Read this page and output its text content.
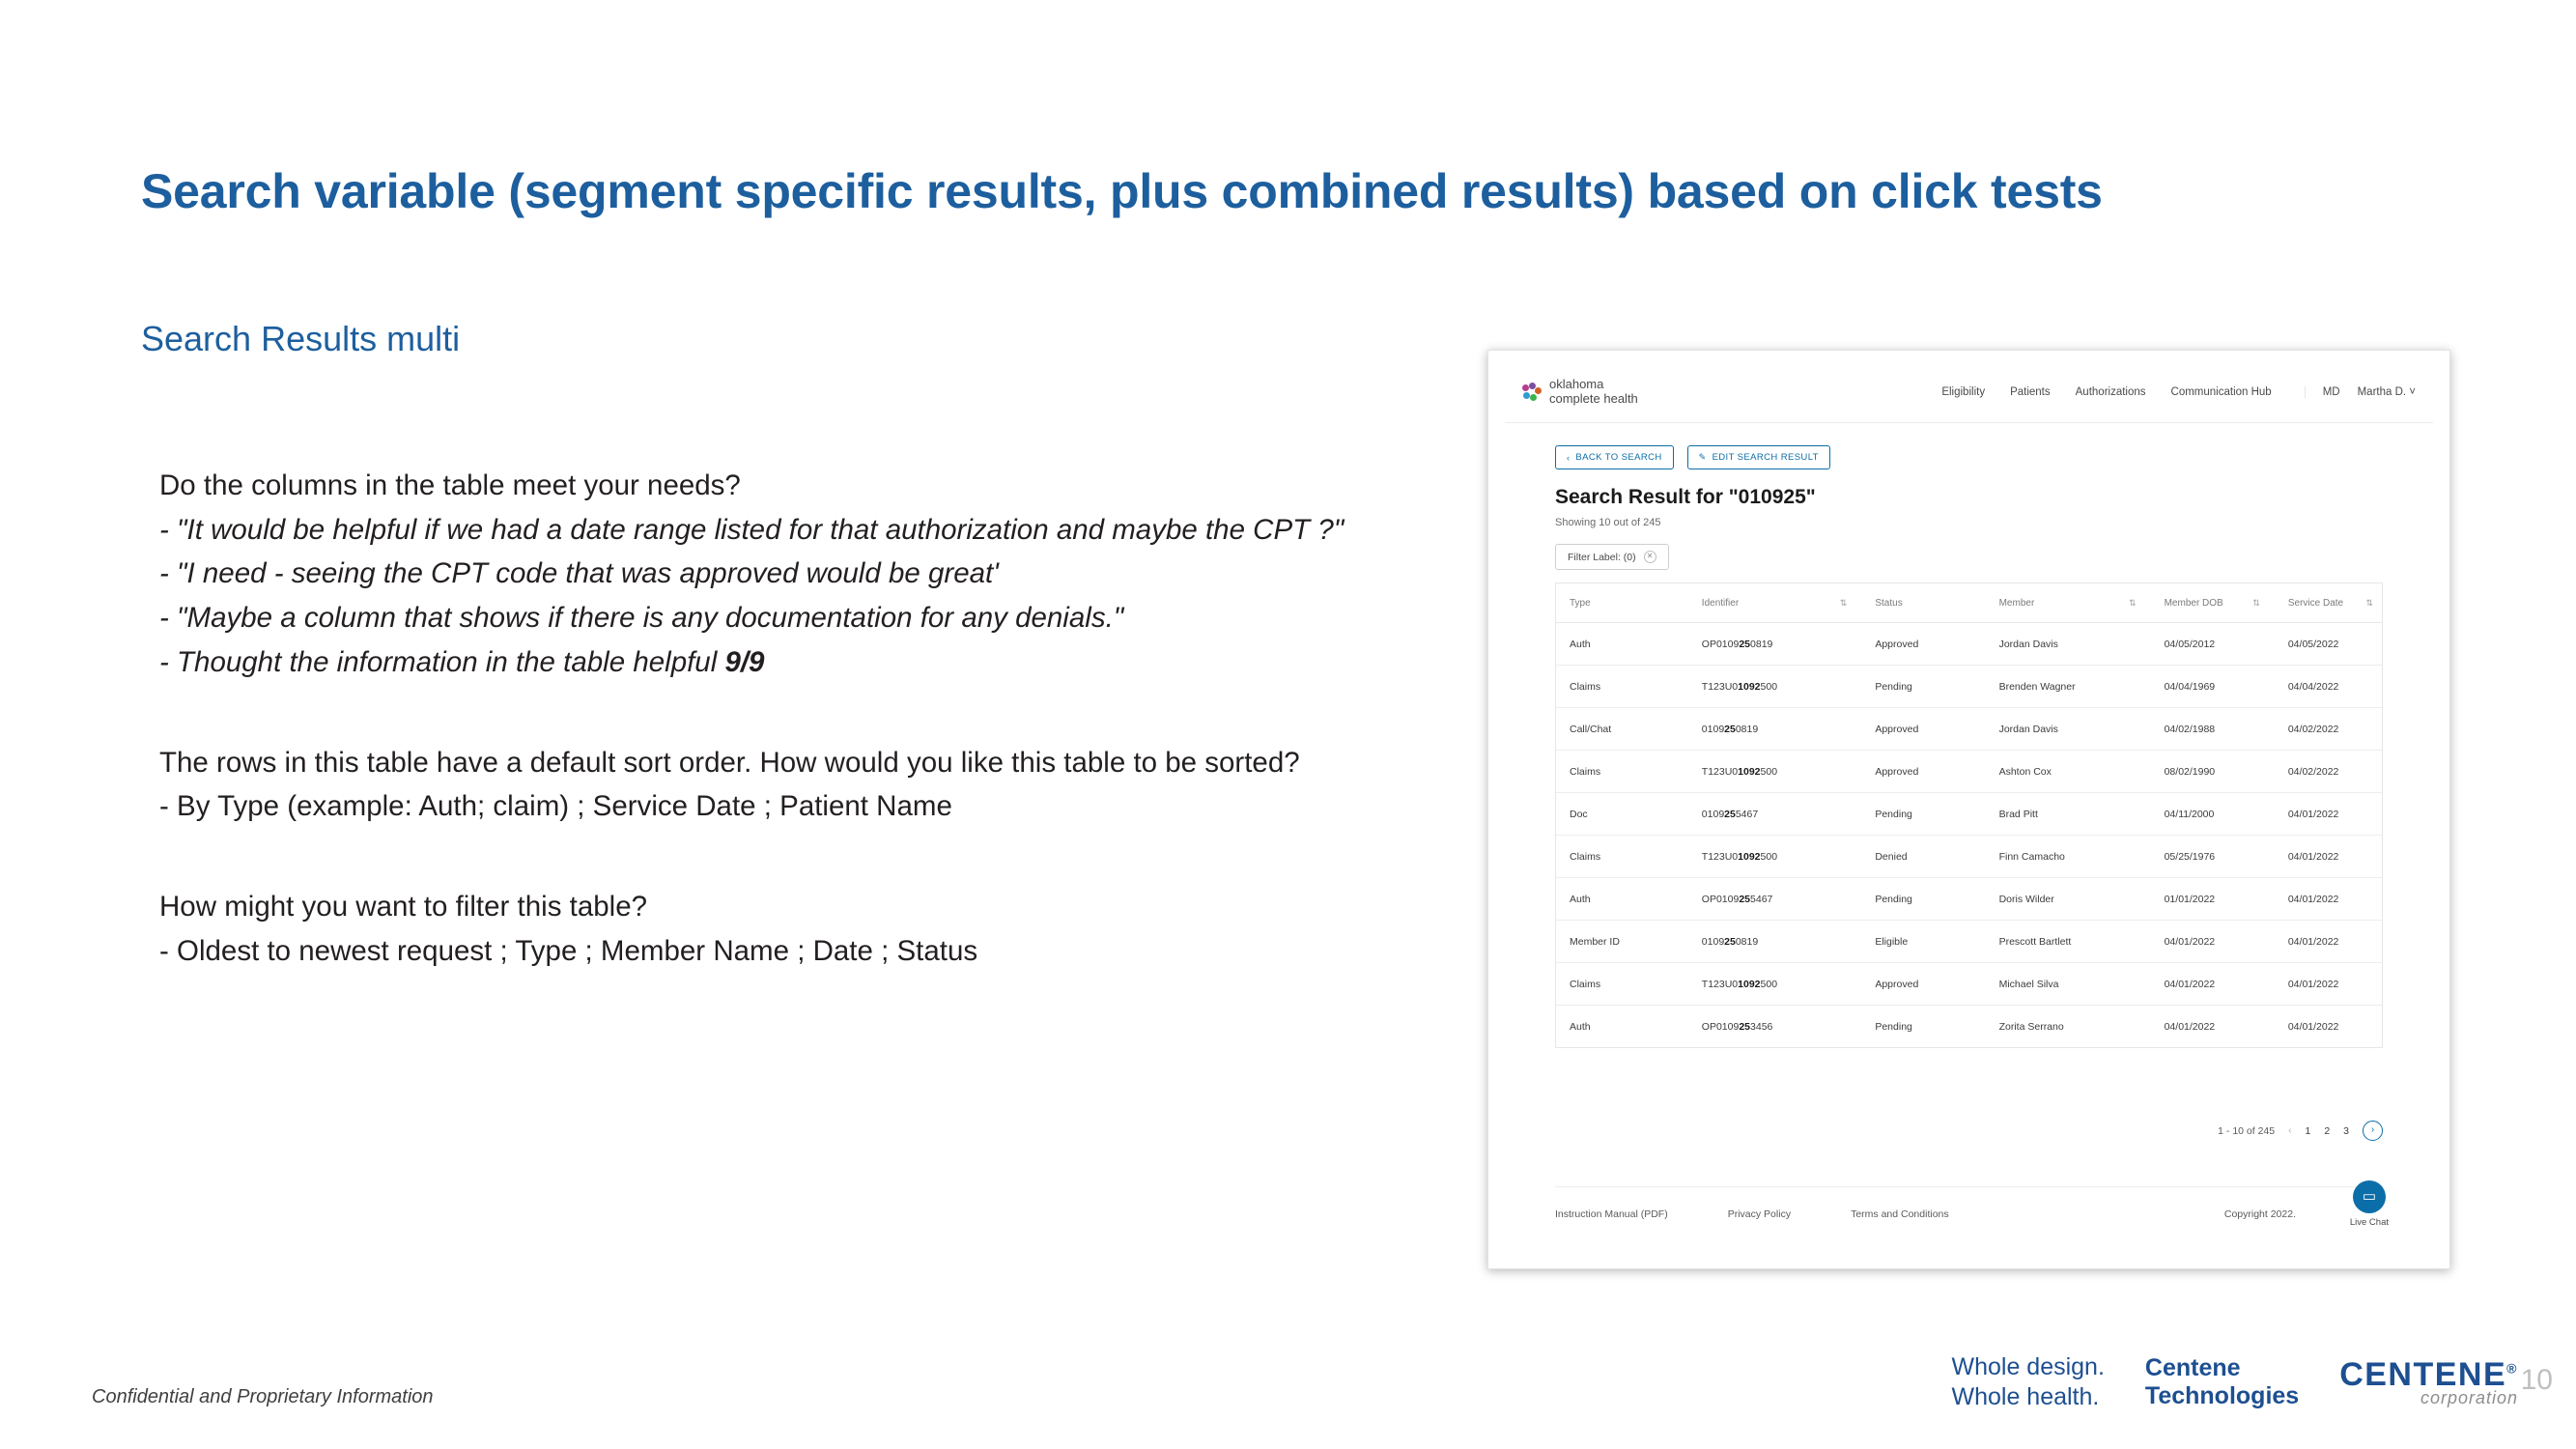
Search variable (segment specific results, plus combined results) based on click tests
Search Results multi
Do the columns in the table meet your needs?
- "It would be helpful if we had a date range listed for that authorization and maybe the CPT ?"
- "I need - seeing the CPT code that was approved would be great'
- "Maybe a column that shows if there is any documentation for any denials."
- Thought the information in the table helpful 9/9
The rows in this table have a default sort order. How would you like this table to be sorted?
- By Type (example: Auth; claim) ; Service Date ; Patient Name
How might you want to filter this table?
- Oldest to newest request ; Type ; Member Name ; Date ; Status
oklahoma
complete health	Eligibility Patients Authorizations Communication Hub	MD Martha D. ˅
‹ BACK TO SEARCH	✎ EDIT SEARCH RESULT
Search Result for "010925"
Showing 10 out of 245
Filter Label: (0)	✕
Type	Identifier	⇅	Status	Member	⇅	Member DOB	⇅	Service Date	⇅
Auth	OP0109250819	Approved	Jordan Davis	04/05/2012	04/05/2022
Claims	T123U01092500	Pending	Brenden Wagner	04/04/1969	04/04/2022
Call/Chat	0109250819	Approved	Jordan Davis	04/02/1988	04/02/2022
Claims	T123U01092500	Approved	Ashton Cox	08/02/1990	04/02/2022
Doc	0109255467	Pending	Brad Pitt	04/11/2000	04/01/2022
Claims	T123U01092500	Denied	Finn Camacho	05/25/1976	04/01/2022
Auth	OP0109255467	Pending	Doris Wilder	01/01/2022	04/01/2022
Member ID	0109250819	Eligible	Prescott Bartlett	04/01/2022	04/01/2022
Claims	T123U01092500	Approved	Michael Silva	04/01/2022	04/01/2022
Auth	OP0109253456	Pending	Zorita Serrano	04/01/2022	04/01/2022
1 - 10 of 245 ‹ 1 2 3	›
Instruction Manual (PDF)	Privacy Policy	Terms and Conditions	Copyright 2022.
▭
Live Chat
Confidential and Proprietary Information
Whole design.
Whole health.
Centene
Technologies
CENTENE®
corporation
10
